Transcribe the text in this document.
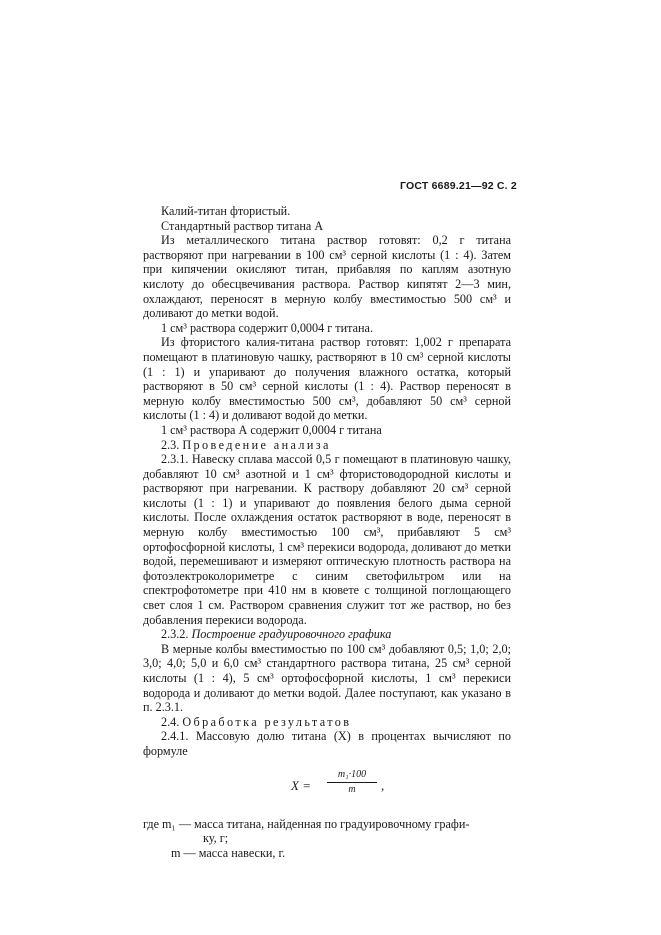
ГОСТ 6689.21—92 С. 2
Калий-титан фтористый.
Стандартный раствор титана А
Из металлического титана раствор готовят: 0,2 г титана растворяют при нагревании в 100 см³ серной кислоты (1 : 4). Затем при кипячении окисляют титан, прибавляя по каплям азотную кислоту до обесцвечивания раствора. Раствор кипятят 2—3 мин, охлаждают, переносят в мерную колбу вместимостью 500 см³ и доливают до метки водой.
1 см³ раствора содержит 0,0004 г титана.
Из фтористого калия-титана раствор готовят: 1,002 г препарата помещают в платиновую чашку, растворяют в 10 см³ серной кислоты (1 : 1) и упаривают до получения влажного остатка, который растворяют в 50 см³ серной кислоты (1 : 4). Раствор переносят в мерную колбу вместимостью 500 см³, добавляют 50 см³ серной кислоты (1 : 4) и доливают водой до метки.
1 см³ раствора А содержит 0,0004 г титана
2.3. Проведение анализа
2.3.1. Навеску сплава массой 0,5 г помещают в платиновую чашку, добавляют 10 см³ азотной и 1 см³ фтористоводородной кислоты и растворяют при нагревании. К раствору добавляют 20 см³ серной кислоты (1 : 1) и упаривают до появления белого дыма серной кислоты. После охлаждения остаток растворяют в воде, переносят в мерную колбу вместимостью 100 см³, прибавляют 5 см³ ортофосфорной кислоты, 1 см³ перекиси водорода, доливают до метки водой, перемешивают и измеряют оптическую плотность раствора на фотоэлектроколориметре с синим светофильтром или на спектрофотометре при 410 нм в кювете с толщиной поглощающего свет слоя 1 см. Раствором сравнения служит тот же раствор, но без добавления перекиси водорода.
2.3.2. Построение градуировочного графика
В мерные колбы вместимостью по 100 см³ добавляют 0,5; 1,0; 2,0; 3,0; 4,0; 5,0 и 6,0 см³ стандартного раствора титана, 25 см³ серной кислоты (1 : 4), 5 см³ ортофосфорной кислоты, 1 см³ перекиси водорода и доливают до метки водой. Далее поступают, как указано в п. 2.3.1.
2.4. Обработка результатов
2.4.1. Массовую долю титана (X) в процентах вычисляют по формуле
$X = \frac{\text{m₁·100}}{m}$ ,
где m₁ — масса титана, найденная по градуировочному графи-
ку, г;
m — масса навески, г.
